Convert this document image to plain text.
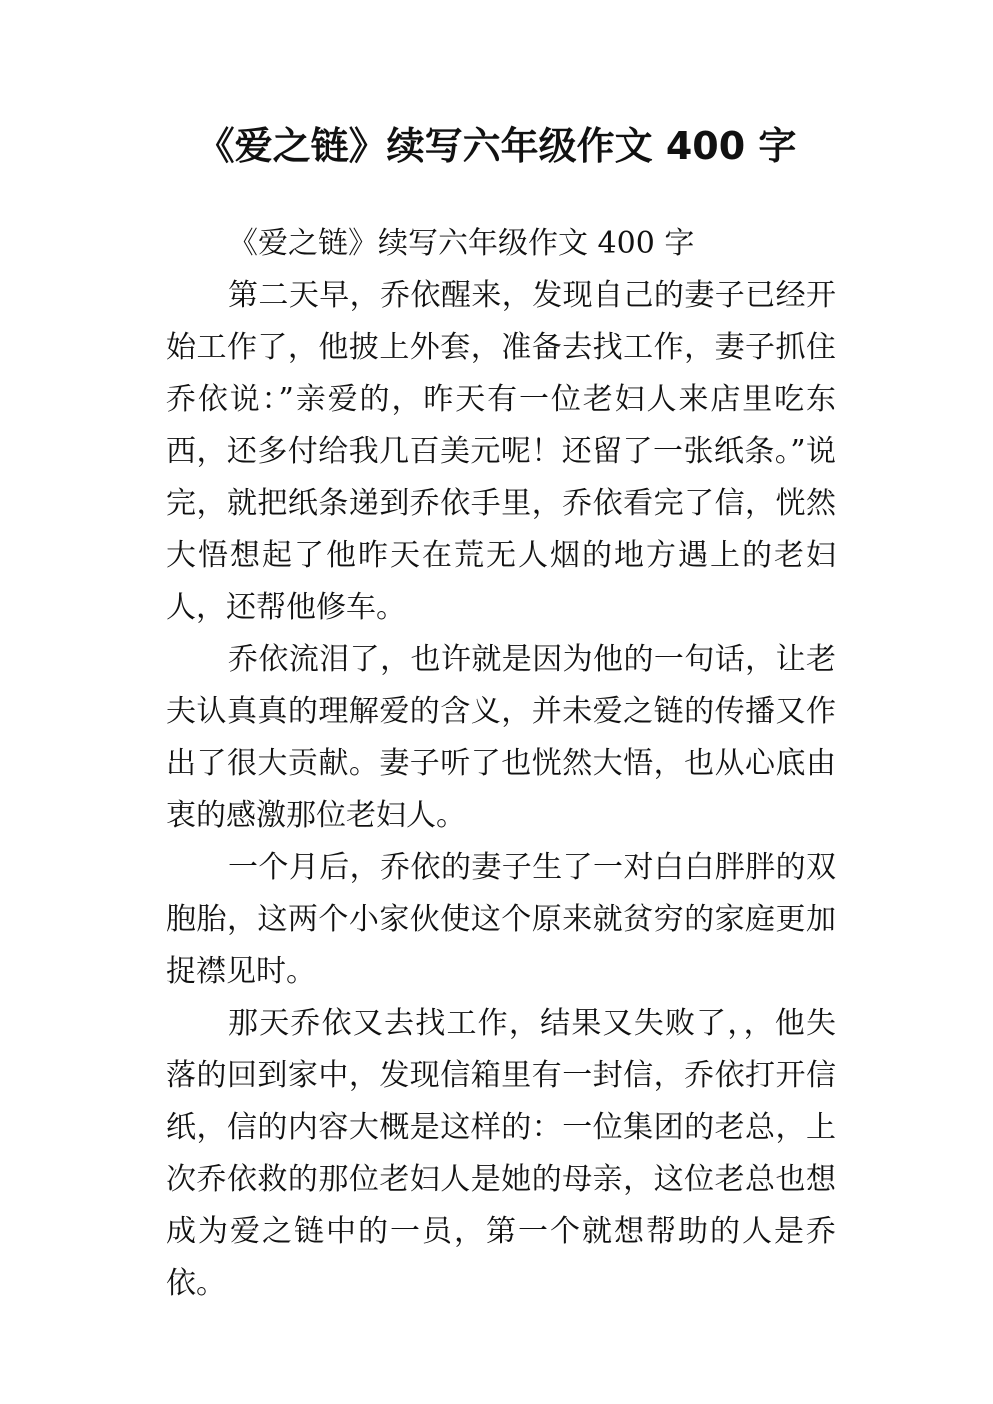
《爱之链》续写六年级作文 400 字

《爱之链》续写六年级作文 400 字

第二天早，乔依醒来，发现自己的妻子已经开始工作了，他披上外套，准备去找工作，妻子抓住乔依说：”亲爱的，昨天有一位老妇人来店里吃东西，还多付给我几百美元呢！还留了一张纸条。”说完，就把纸条递到乔依手里，乔依看完了信，恍然大悟想起了他昨天在荒无人烟的地方遇上的老妇人，还帮他修车。

乔依流泪了，也许就是因为他的一句话，让老夫认真真的理解爱的含义，并未爱之链的传播又作出了很大贡献。妻子听了也恍然大悟，也从心底由衷的感激那位老妇人。

一个月后，乔依的妻子生了一对白白胖胖的双胞胎，这两个小家伙使这个原来就贫穷的家庭更加捉襟见时。

那天乔依又去找工作，结果又失败了，，他失落的回到家中，发现信箱里有一封信，乔依打开信纸，信的内容大概是这样的：一位集团的老总，上次乔依救的那位老妇人是她的母亲，这位老总也想成为爱之链中的一员，第一个就想帮助的人是乔依。
